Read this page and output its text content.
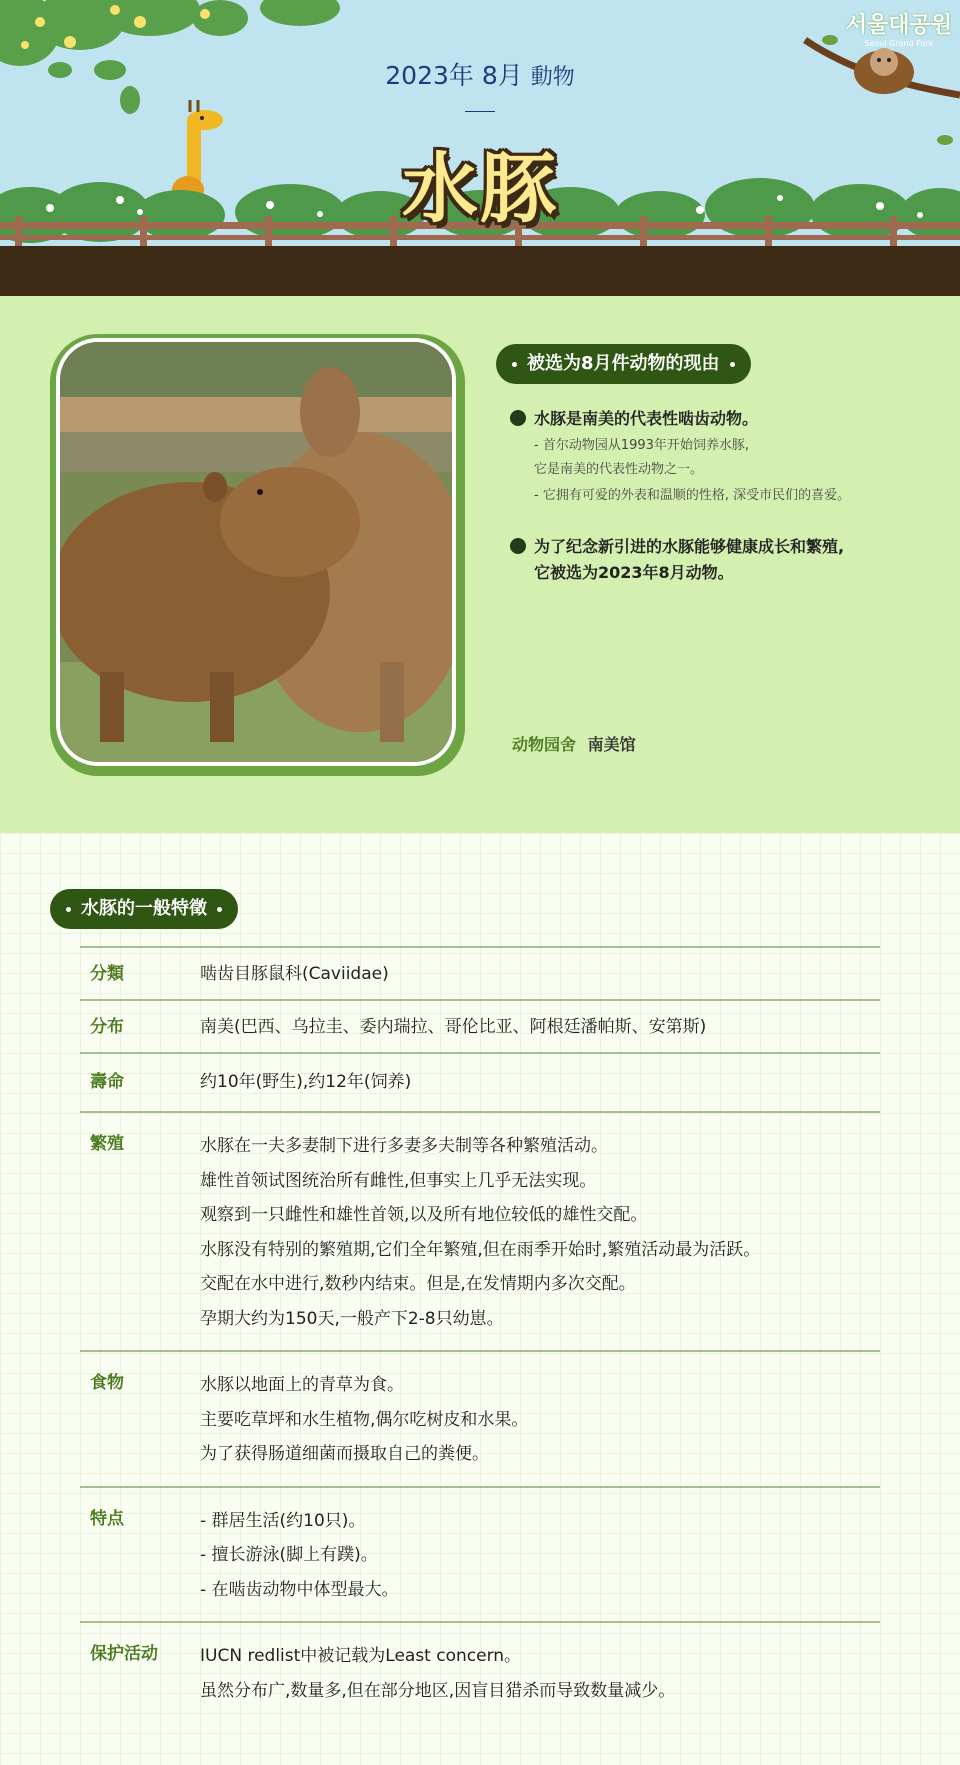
2023年 8月 動物
水豚
서울대공원
Seoul Grand Park
被选为8月件动物的现由
水豚是南美的代表性啮齿动物。
- 首尔动物园从1993年开始饲养水豚,
它是南美的代表性动物之一。
- 它拥有可爱的外表和温顺的性格, 深受市民们的喜爱。
为了纪念新引进的水豚能够健康成长和繁殖,
它被选为2023年8月动物。
动物园舍 南美馆
水豚的一般特徵
分類	啮齿目豚鼠科(Caviidae)
分布	南美(巴西、乌拉圭、委内瑞拉、哥伦比亚、阿根廷潘帕斯、安第斯)
壽命	约10年(野生),约12年(饲养)
繁殖	水豚在一夫多妻制下进行多妻多夫制等各种繁殖活动。
雄性首领试图统治所有雌性,但事实上几乎无法实现。
观察到一只雌性和雄性首领,以及所有地位较低的雄性交配。
水豚没有特别的繁殖期,它们全年繁殖,但在雨季开始时,繁殖活动最为活跃。
交配在水中进行,数秒内结束。但是,在发情期内多次交配。
孕期大约为150天,一般产下2-8只幼崽。
食物	水豚以地面上的青草为食。
主要吃草坪和水生植物,偶尔吃树皮和水果。
为了获得肠道细菌而摄取自己的粪便。
特点	- 群居生活(约10只)。
- 擅长游泳(脚上有蹼)。
- 在啮齿动物中体型最大。
保护活动	IUCN redlist中被记载为Least concern。
虽然分布广,数量多,但在部分地区,因盲目猎杀而导致数量减少。
